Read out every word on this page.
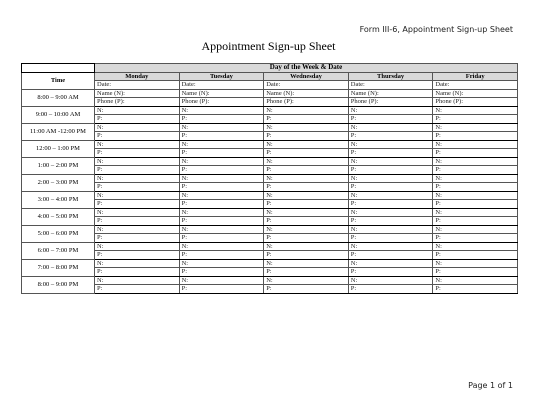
Form III-6, Appointment Sign-up Sheet
Appointment Sign-up Sheet
	Day of the Week & Date				
Time	Monday	Tuesday	Wednesday	Thursday	Friday
	Date:	Date:	Date:	Date:	Date:
8:00 – 9:00 AM	Name (N):	Name (N):	Name (N):	Name (N):	Name (N):
	Phone (P):	Phone (P):	Phone (P):	Phone (P):	Phone (P):
9:00 – 10:00 AM	N:	N:	N:	N:	N:
	P:	P:	P:	P:	P:
11:00 AM -12:00 PM	N:	N:	N:	N:	N:
	P:	P:	P:	P:	P:
12:00 – 1:00 PM	N:	N:	N:	N:	N:
	P:	P:	P:	P:	P:
1:00 – 2:00 PM	N:	N:	N:	N:	N:
	P:	P:	P:	P:	P:
2:00 – 3:00 PM	N:	N:	N:	N:	N:
	P:	P:	P:	P:	P:
3:00 – 4:00 PM	N:	N:	N:	N:	N:
	P:	P:	P:	P:	P:
4:00 – 5:00 PM	N:	N:	N:	N:	N:
	P:	P:	P:	P:	P:
5:00 – 6:00 PM	N:	N:	N:	N:	N:
	P:	P:	P:	P:	P:
6:00 – 7:00 PM	N:	N:	N:	N:	N:
	P:	P:	P:	P:	P:
7:00 – 8:00 PM	N:	N:	N:	N:	N:
	P:	P:	P:	P:	P:
8:00 – 9:00 PM	N:	N:	N:	N:	N:
	P:	P:	P:	P:	P:
Page 1 of 1
